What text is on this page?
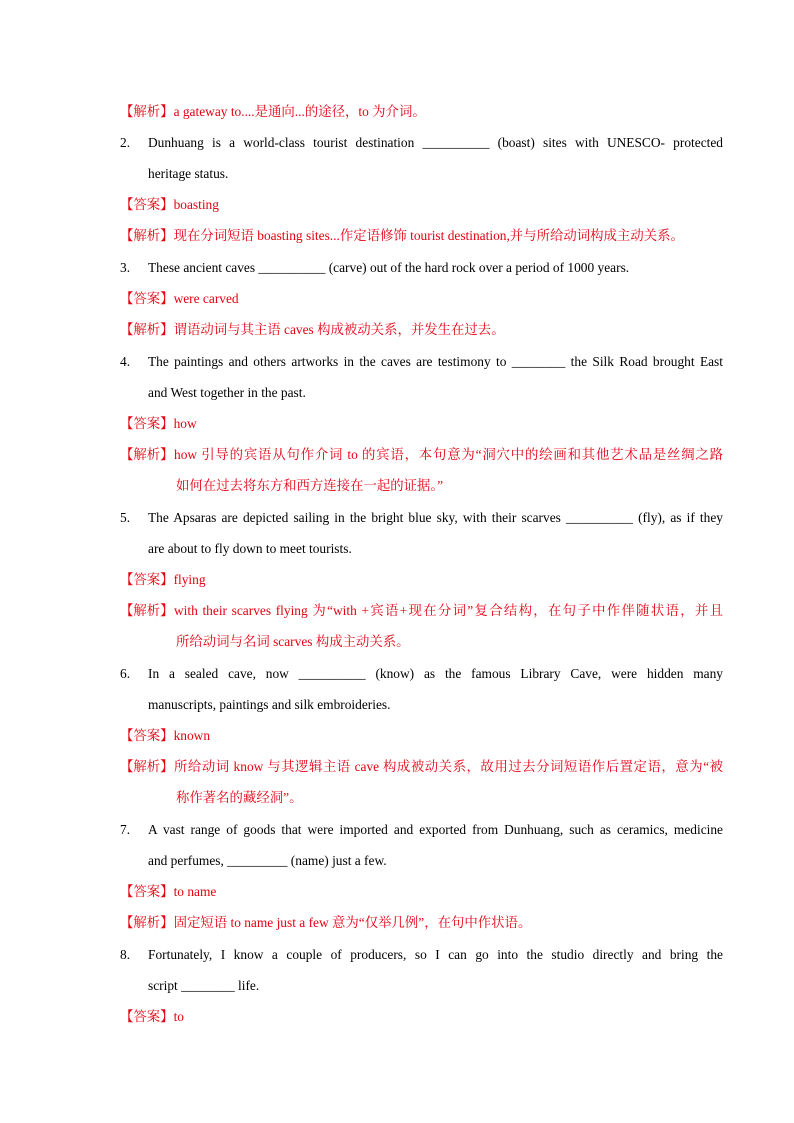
【解析】a gateway to....是通向...的途径，to 为介词。
2. Dunhuang is a world-class tourist destination __________ (boast) sites with UNESCO- protected
heritage status.
【答案】boasting
【解析】现在分词短语 boasting sites...作定语修饰 tourist destination,并与所给动词构成主动关系。
3. These ancient caves __________ (carve) out of the hard rock over a period of 1000 years.
【答案】were carved
【解析】谓语动词与其主语 caves 构成被动关系，并发生在过去。
4. The paintings and others artworks in the caves are testimony to ________ the Silk Road brought East
and West together in the past.
【答案】how
【解析】 how 引导的宾语从句作介词 to 的宾语，本句意为“洞穴中的绘画和其他艺术品是丝绸之路
如何在过去将东方和西方连接在一起的证据。”
5. The Apsaras are depicted sailing in the bright blue sky, with their scarves __________ (fly), as if they
are about to fly down to meet tourists.
【答案】flying
【解析】 with their scarves flying 为“with +宾语+现在分词”复合结构，在句子中作伴随状语，并且
所给动词与名词 scarves 构成主动关系。
6. In a sealed cave, now __________ (know) as the famous Library Cave, were hidden many
manuscripts, paintings and silk embroideries.
【答案】known
【解析】 所给动词 know 与其逻辑主语 cave 构成被动关系，故用过去分词短语作后置定语，意为“被
称作著名的藏经洞”。
7. A vast range of goods that were imported and exported from Dunhuang, such as ceramics, medicine
and perfumes, _________ (name) just a few.
【答案】to name
【解析】固定短语 to name just a few 意为“仅举几例”，在句中作状语。
8. Fortunately, I know a couple of producers, so I can go into the studio directly and bring the
script ________ life.
【答案】to
